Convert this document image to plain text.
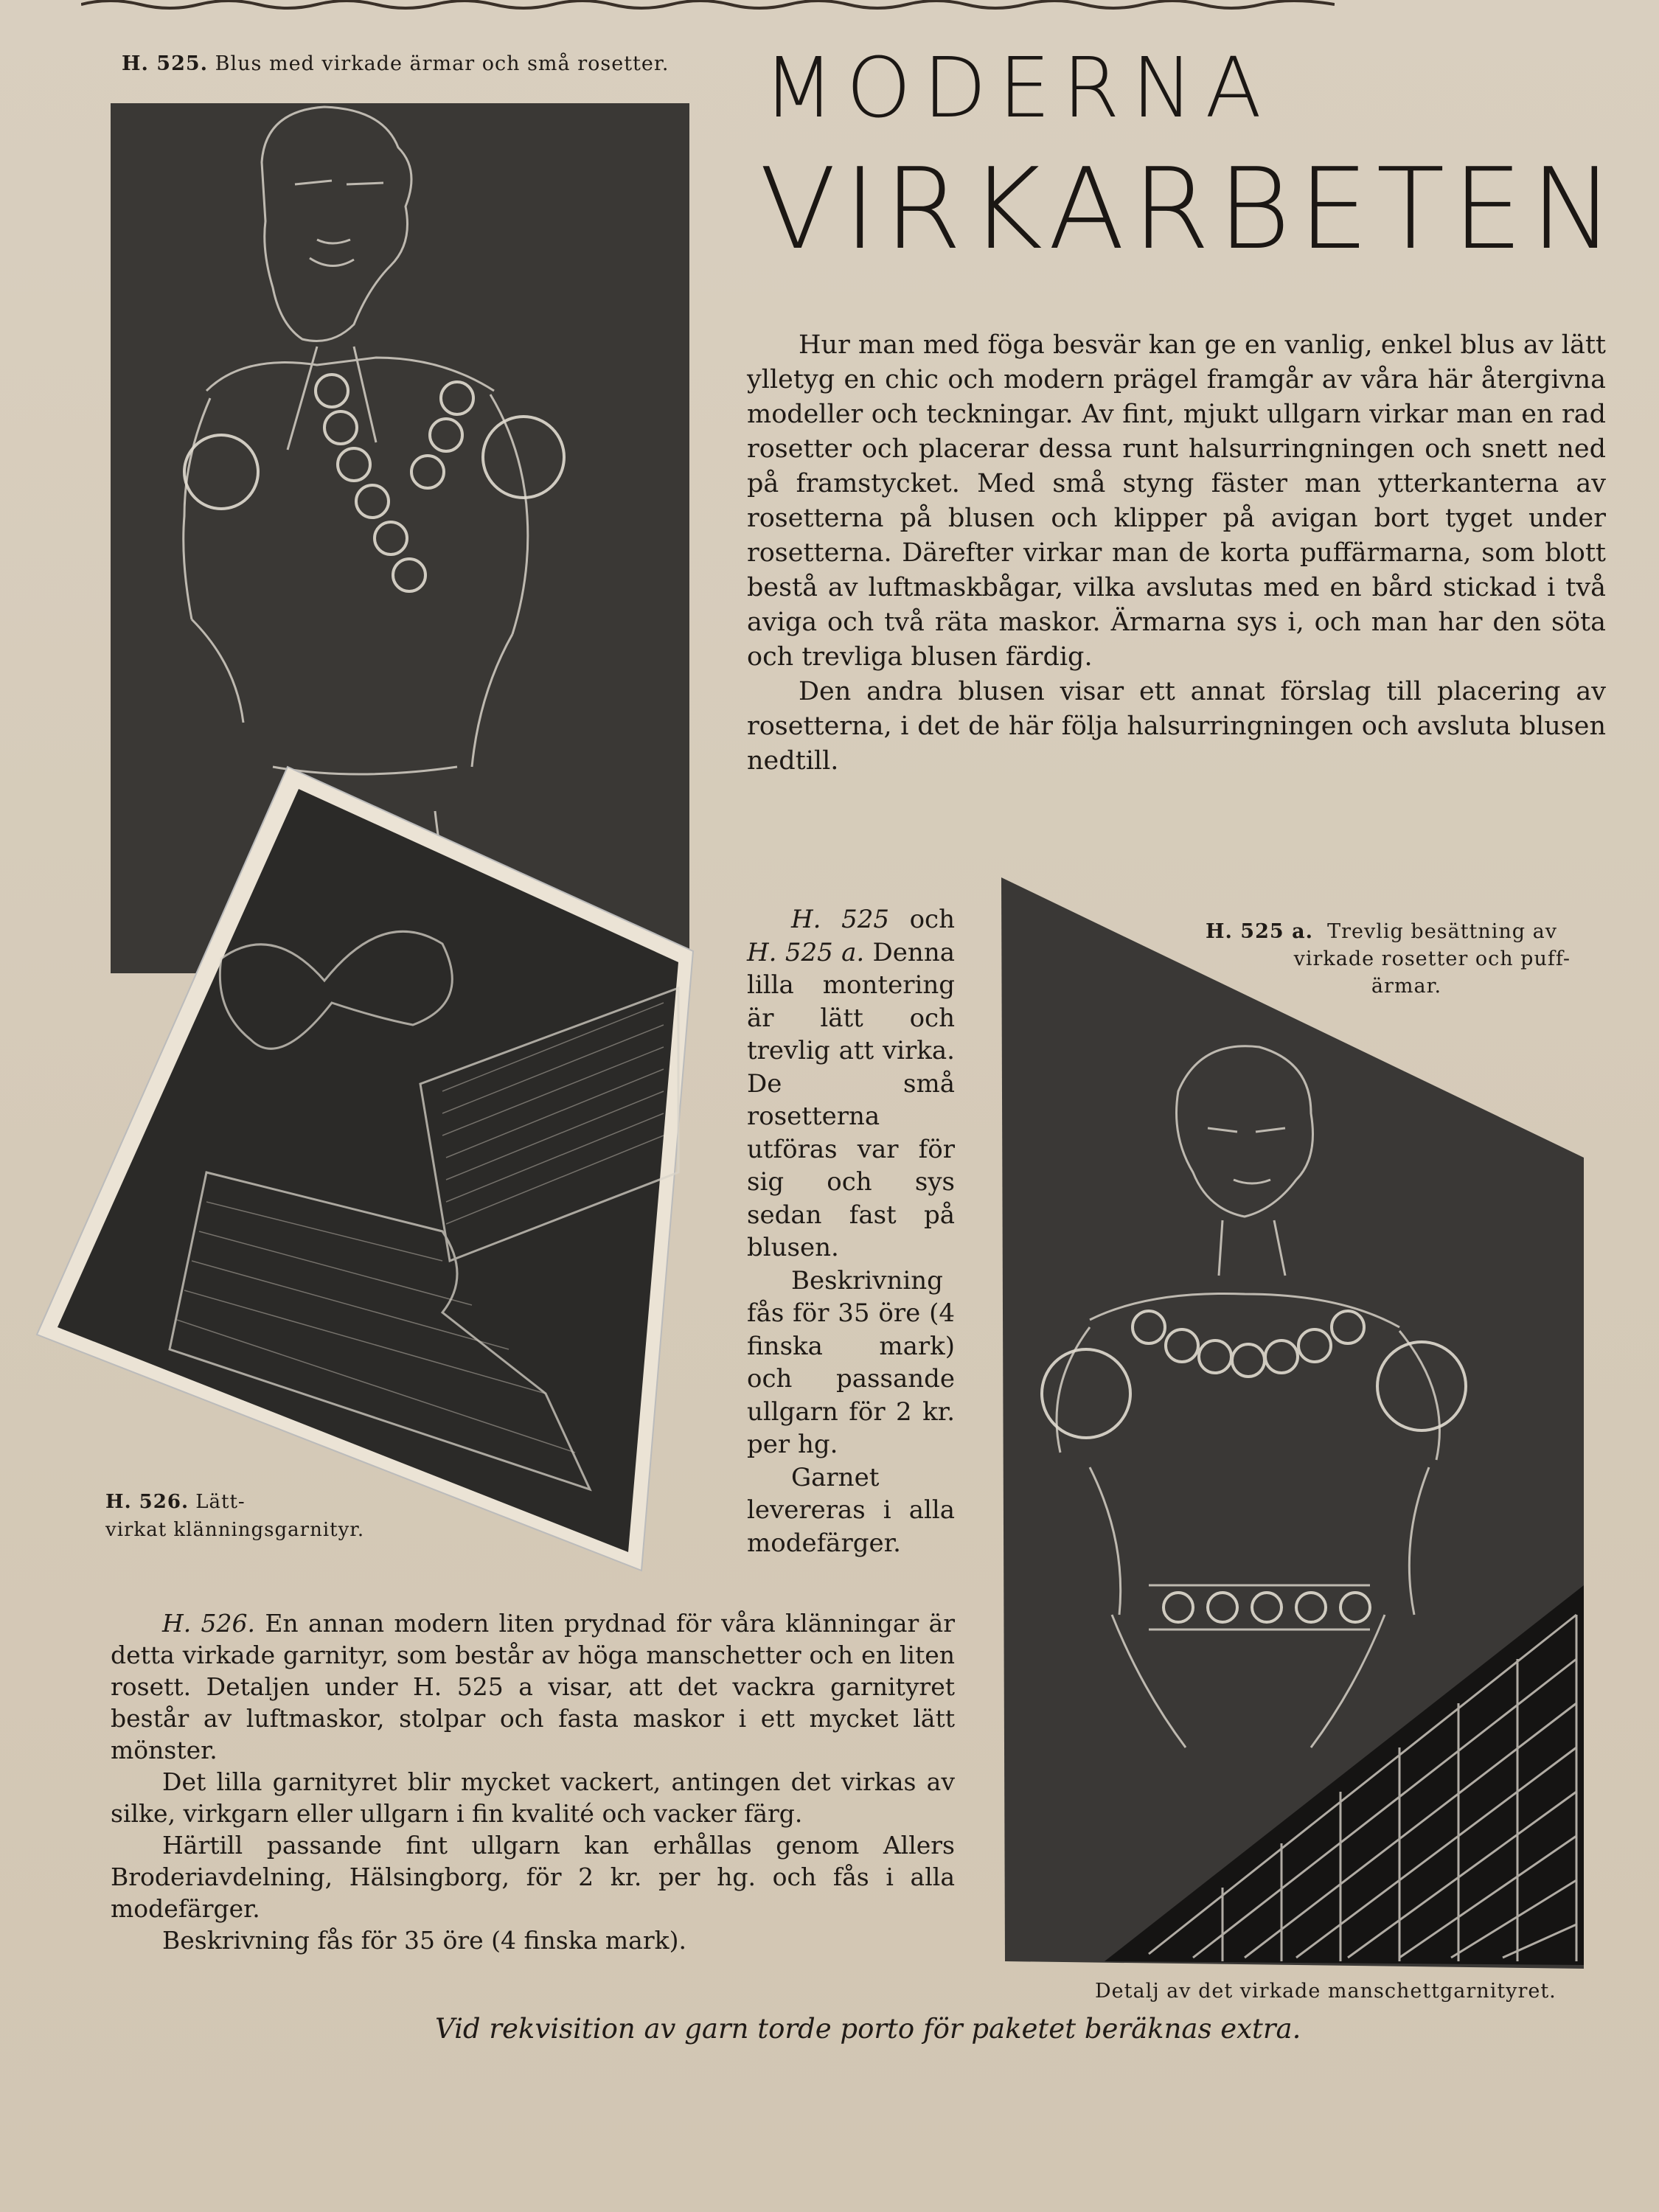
H. 525. Blus med virkade ärmar och små rosetter.
H. 526. Lätt-
virkat klänningsgarnityr.
MODERNA
VIRKARBETEN

Hur man med föga besvär kan ge en vanlig, enkel blus av lätt ylletyg en chic och modern prägel framgår av våra här återgivna modeller och teckningar. Av fint, mjukt ullgarn virkar man en rad rosetter och placerar dessa runt halsurringningen och snett ned på framstycket. Med små styng fäster man ytterkanterna av rosetterna på blusen och klipper på avigan bort tyget under rosetterna. Därefter virkar man de korta puffärmarna, som blott bestå av luftmaskbågar, vilka avslutas med en bård stickad i två aviga och två räta maskor. Ärmarna sys i, och man har den söta och trevliga blusen färdig.

Den andra blusen visar ett annat förslag till placering av rosetterna, i det de här följa halsurringningen och avsluta blusen nedtill.

H. 525 och H. 525 a. Denna lilla montering är lätt och trevlig att virka. De små rosetterna utföras var för sig och sys sedan fast på blusen.

Beskrivning fås för 35 öre (4 finska mark) och passande ullgarn för 2 kr. per hg.

Garnet levereras i alla modefärger.

H. 525 a. Trevlig besättning av
virkade rosetter och puff-
ärmar.
Detalj av det virkade manschettgarnityret.

H. 526. En annan modern liten prydnad för våra klänningar är detta virkade garnityr, som består av höga manschetter och en liten rosett. Detaljen under H. 525 a visar, att det vackra garnityret består av luftmaskor, stolpar och fasta maskor i ett mycket lätt mönster.

Det lilla garnityret blir mycket vackert, antingen det virkas av silke, virkgarn eller ullgarn i fin kvalité och vacker färg.

Härtill passande fint ullgarn kan erhållas genom Allers Broderiavdelning, Hälsingborg, för 2 kr. per hg. och fås i alla modefärger.

Beskrivning fås för 35 öre (4 finska mark).

Vid rekvisition av garn torde porto för paketet beräknas extra.
